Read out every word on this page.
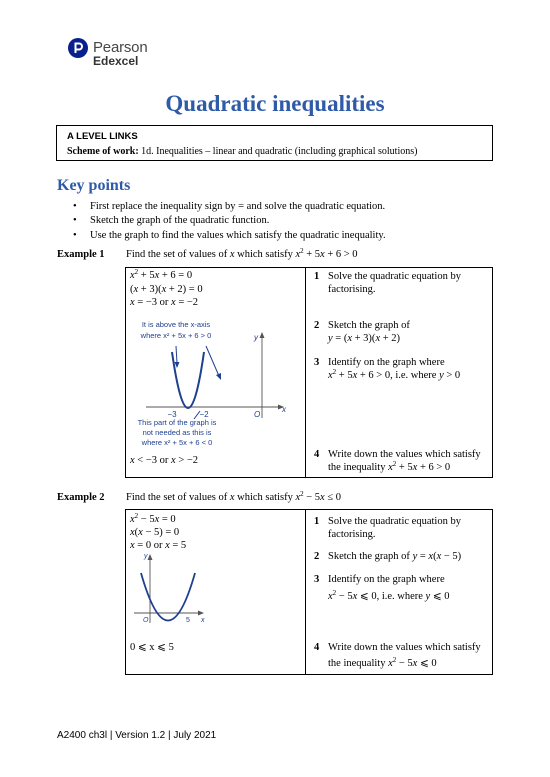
Pearson
Edexcel
Quadratic inequalities
A LEVEL LINKS
Scheme of work: 1d. Inequalities – linear and quadratic (including graphical solutions)
Key points
• First replace the inequality sign by = and solve the quadratic equation.
• Sketch the graph of the quadratic function.
• Use the graph to find the values which satisfy the quadratic inequality.
Example 1 Find the set of values of x which satisfy $x^2 + 5x + 6 > 0$
$x^2 + 5x + 6 = 0$
(x + 3)(x + 2) = 0
x = −3 or x = −2
It is above the x-axis
where x² + 5x + 6 > 0	y
x
O
−3	−2
This part of the graph is
not needed as this is
where x² + 5x + 6 < 0
x < −3 or x > −2
1 Solve the quadratic equation by
factorising.
2 Sketch the graph of
y = (x + 3)(x + 2)
3 Identify on the graph where
$x^2 + 5x + 6 > 0$, i.e. where y > 0
4 Write down the values which satisfy
the inequality $x^2 + 5x + 6 > 0$
Example 2 Find the set of values of x which satisfy $x^2 - 5x \le 0$
$x^2 - 5x = 0$
x(x − 5) = 0
x = 0 or x = 5
y
O	5 x
0 ⩽ x ⩽ 5
1 Solve the quadratic equation by
factorising.
2 Sketch the graph of y = x(x − 5)
3 Identify on the graph where
$x^2 - 5x$ ⩽ 0, i.e. where y ⩽ 0
4 Write down the values which satisfy
the inequality $x^2 - 5x$ ⩽ 0
A2400 ch3l | Version 1.2 | July 2021
